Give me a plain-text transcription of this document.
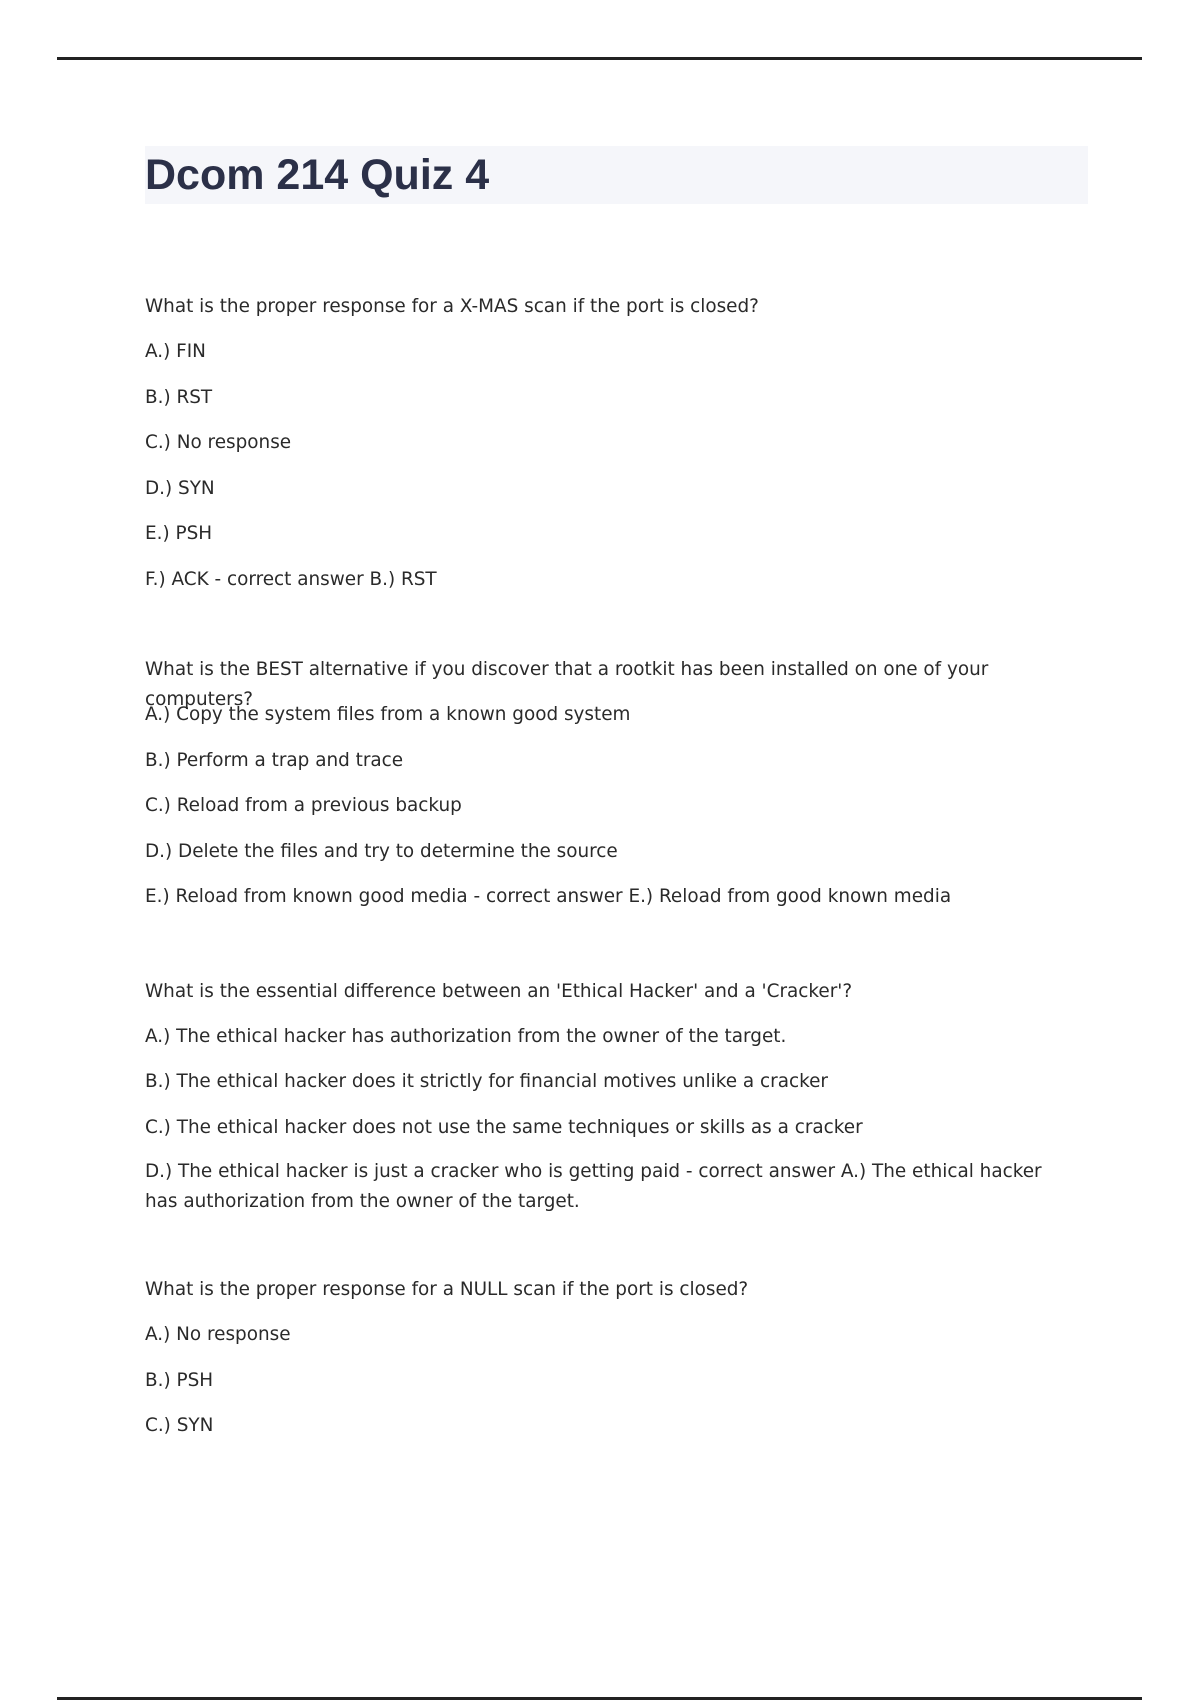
Dcom 214 Quiz 4
What is the proper response for a X-MAS scan if the port is closed?
A.) FIN
B.) RST
C.) No response
D.) SYN
E.) PSH
F.) ACK - correct answer B.) RST
What is the BEST alternative if you discover that a rootkit has been installed on one of your computers?
A.) Copy the system files from a known good system
B.) Perform a trap and trace
C.) Reload from a previous backup
D.) Delete the files and try to determine the source
E.) Reload from known good media - correct answer E.) Reload from good known media
What is the essential difference between an 'Ethical Hacker' and a 'Cracker'?
A.) The ethical hacker has authorization from the owner of the target.
B.) The ethical hacker does it strictly for financial motives unlike a cracker
C.) The ethical hacker does not use the same techniques or skills as a cracker
D.) The ethical hacker is just a cracker who is getting paid - correct answer A.) The ethical hacker has authorization from the owner of the target.
What is the proper response for a NULL scan if the port is closed?
A.) No response
B.) PSH
C.) SYN
